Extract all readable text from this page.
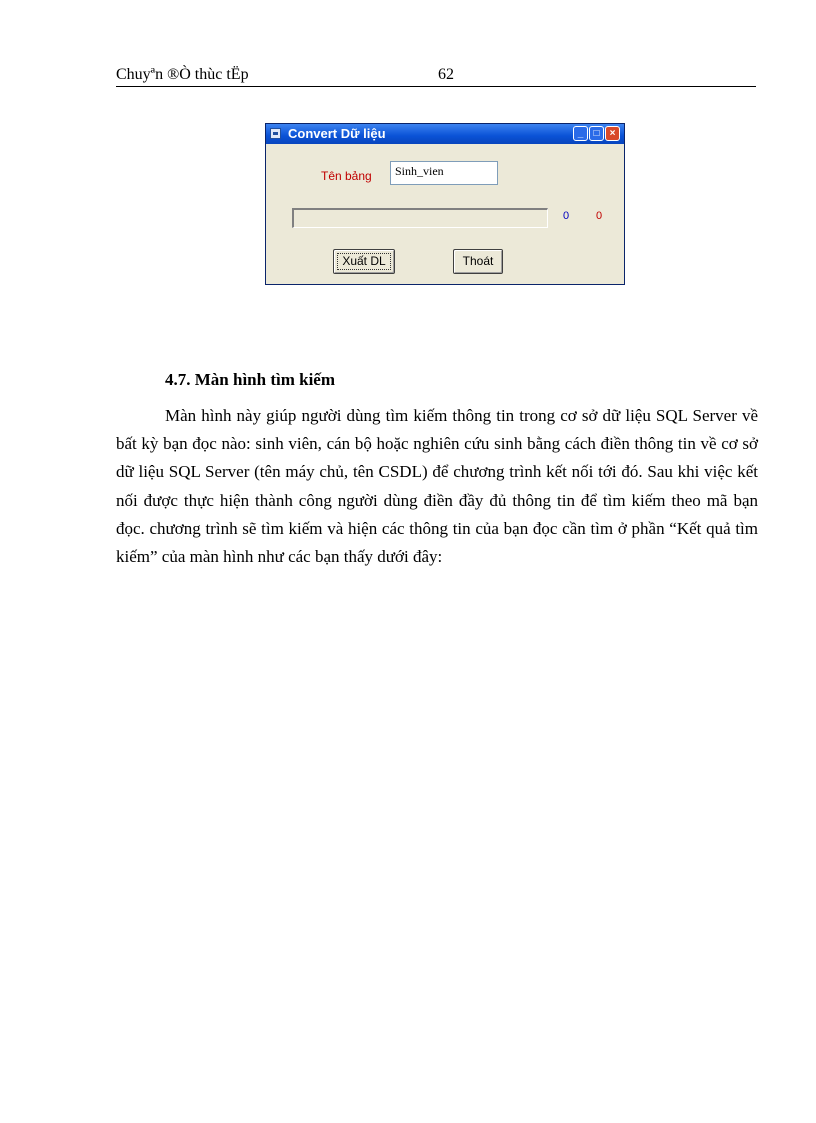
Chuyªn ®Ò thùc tËp	62
Convert Dữ liệu	_	□	×
Tên bảng	Sinh_vien
0 0
Xuất DL	Thoát
4.7. Màn hình tìm kiếm

Màn hình này giúp người dùng tìm kiếm thông tin trong cơ sở dữ liệu SQL Server về bất kỳ bạn đọc nào: sinh viên, cán bộ hoặc nghiên cứu sinh bằng cách điền thông tin về cơ sở dữ liệu SQL Server (tên máy chủ, tên CSDL) để chương trình kết nối tới đó. Sau khi việc kết nối được thực hiện thành công người dùng điền đầy đủ thông tin để tìm kiếm theo mã bạn đọc. chương trình sẽ tìm kiếm và hiện các thông tin của bạn đọc cần tìm ở phần “Kết quả tìm kiếm” của màn hình như các bạn thấy dưới đây:
